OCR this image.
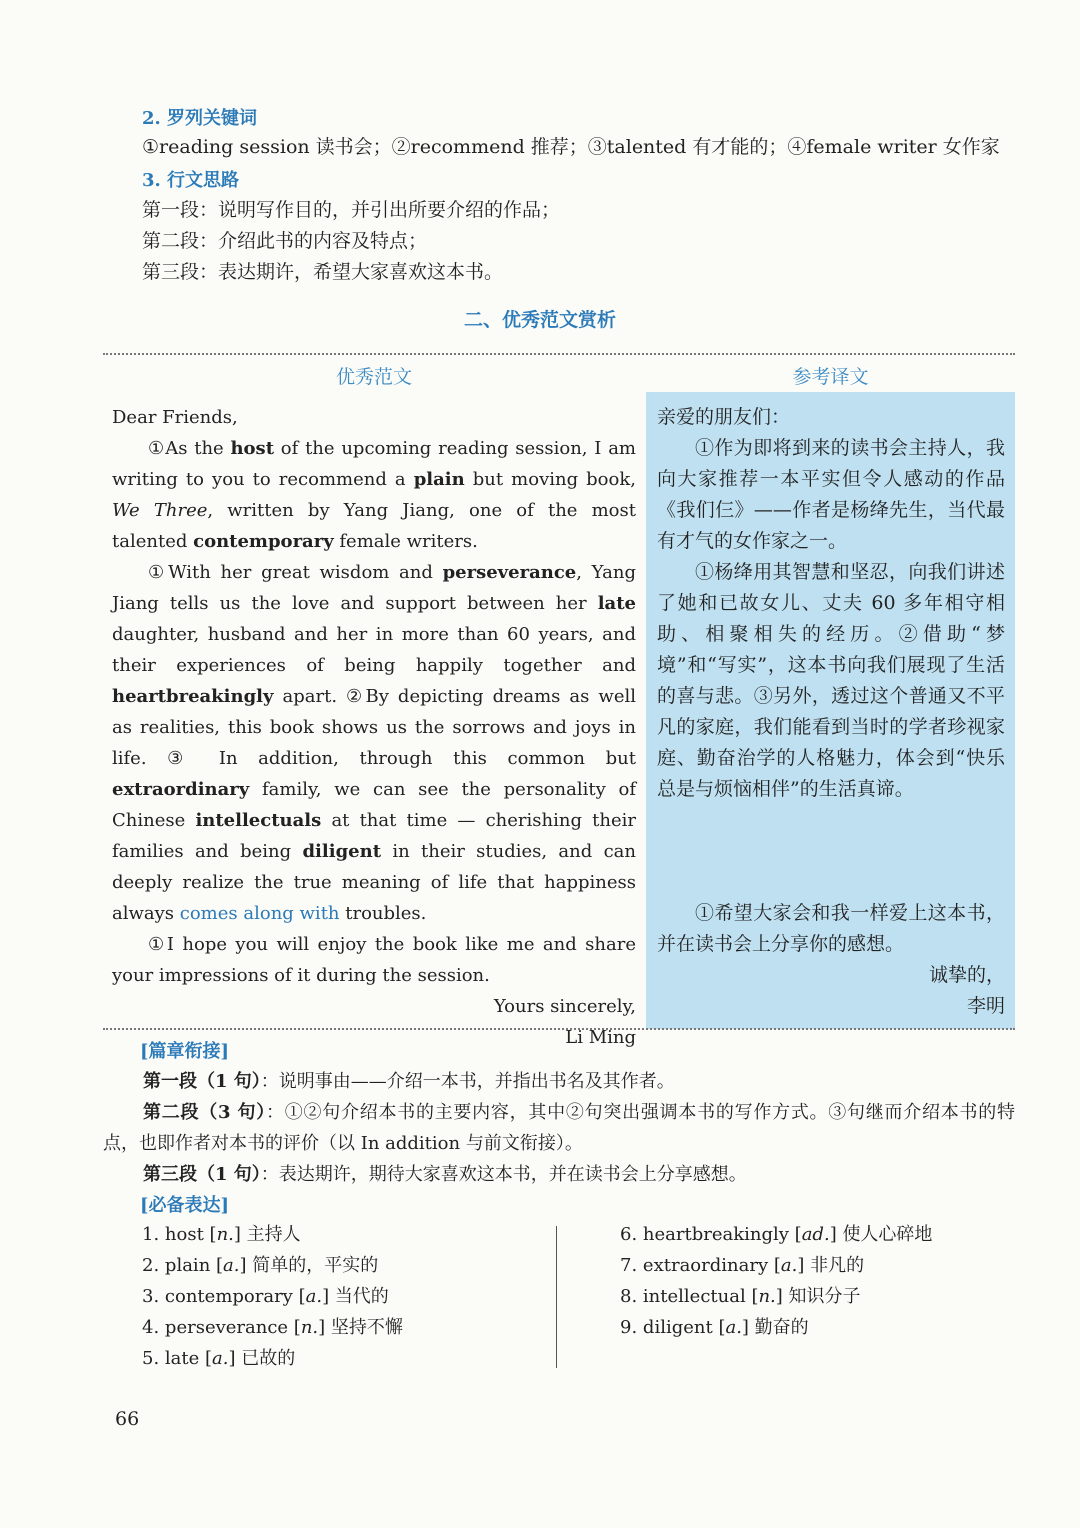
2. 罗列关键词
①reading session 读书会；②recommend 推荐；③talented 有才能的；④female writer 女作家
3. 行文思路
第一段：说明写作目的，并引出所要介绍的作品；
第二段：介绍此书的内容及特点；
第三段：表达期许，希望大家喜欢这本书。
二、优秀范文赏析
优秀范文	参考译文

Dear Friends,

①As the host of the upcoming reading session, I am writing to you to recommend a plain but moving book, We Three, written by Yang Jiang, one of the most talented contemporary female writers.

①With her great wisdom and perseverance, Yang Jiang tells us the love and support between her late daughter, husband and her in more than 60 years, and their experiences of being happily together and heartbreakingly apart. ②By depicting dreams as well as realities, this book shows us the sorrows and joys in life. ③ In addition, through this common but extraordinary family, we can see the personality of Chinese intellectuals at that time — cherishing their families and being diligent in their studies, and can deeply realize the true meaning of life that happiness always comes along with troubles.

①I hope you will enjoy the book like me and share your impressions of it during the session.

Yours sincerely,

Li Ming

亲爱的朋友们：

①作为即将到来的读书会主持人，我向大家推荐一本平实但令人感动的作品《我们仨》——作者是杨绛先生，当代最有才气的女作家之一。

①杨绛用其智慧和坚忍，向我们讲述了她和已故女儿、丈夫 60 多年相守相助、相聚相失的经历。②借助“梦境”和“写实”，这本书向我们展现了生活的喜与悲。③另外，透过这个普通又不平凡的家庭，我们能看到当时的学者珍视家庭、勤奋治学的人格魅力，体会到“快乐总是与烦恼相伴”的生活真谛。

①希望大家会和我一样爱上这本书，并在读书会上分享你的感想。

诚挚的，

李明

[篇章衔接]
第一段（1 句）：说明事由——介绍一本书，并指出书名及其作者。
第二段（3 句）：①②句介绍本书的主要内容，其中②句突出强调本书的写作方式。③句继而介绍本书的特点，也即作者对本书的评价（以 In addition 与前文衔接）。
第三段（1 句）：表达期许，期待大家喜欢这本书，并在读书会上分享感想。
[必备表达]
1. host [n.] 主持人
2. plain [a.] 简单的，平实的
3. contemporary [a.] 当代的
4. perseverance [n.] 坚持不懈
5. late [a.] 已故的
6. heartbreakingly [ad.] 使人心碎地
7. extraordinary [a.] 非凡的
8. intellectual [n.] 知识分子
9. diligent [a.] 勤奋的
66
